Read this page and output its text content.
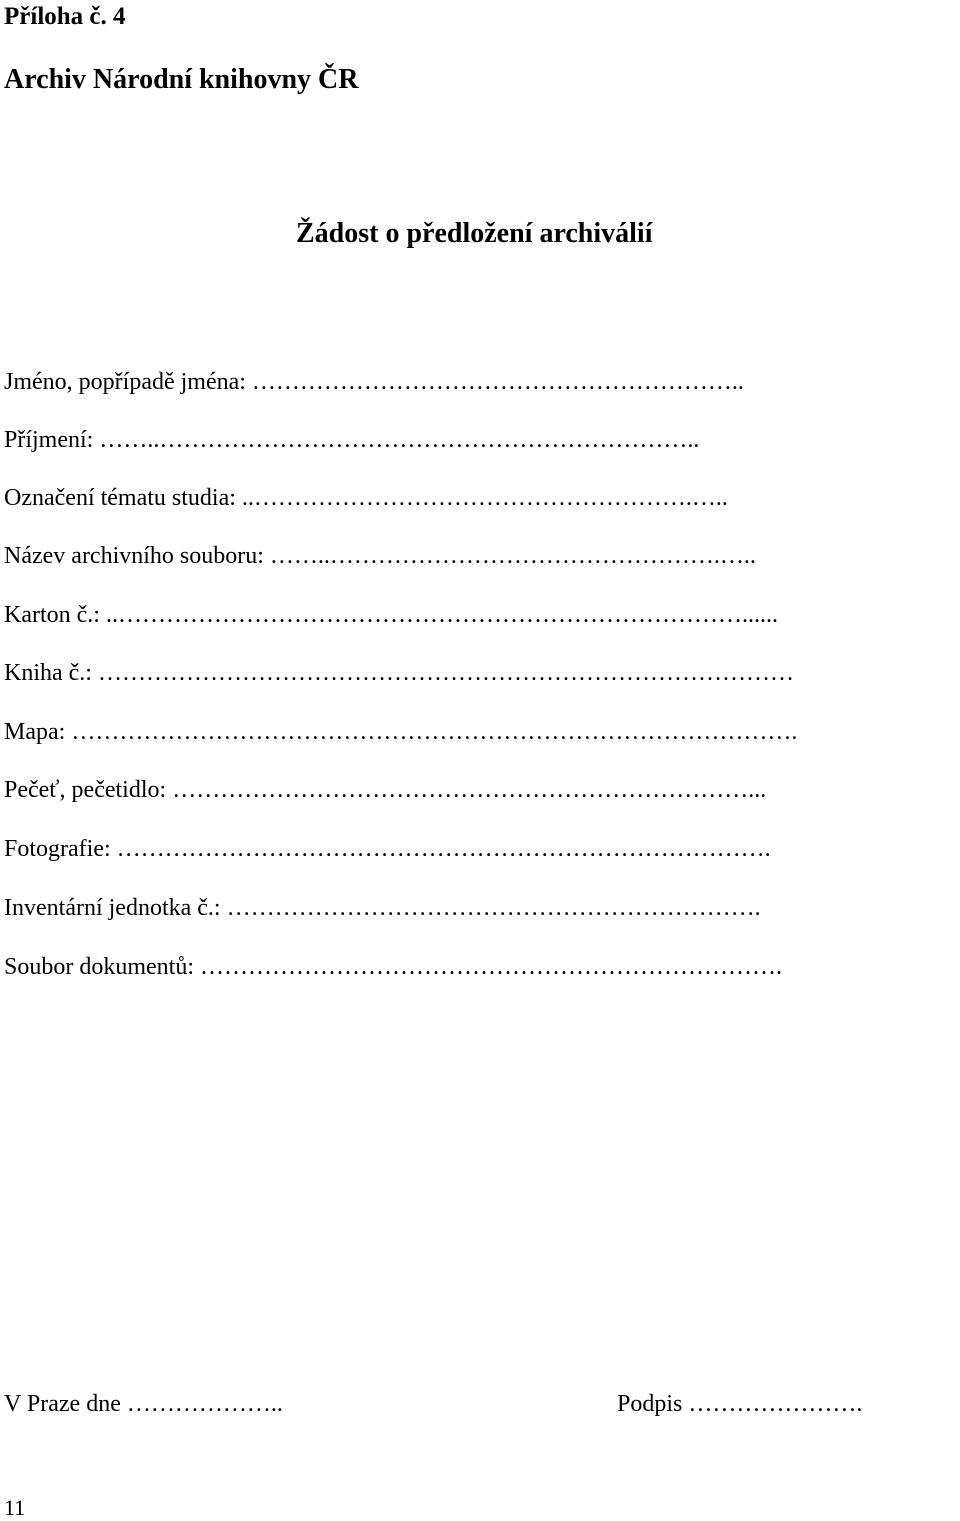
Příloha č. 4
Archiv Národní knihovny ČR
Žádost o předložení archiválií
Jméno, popřípadě jména: ……………………………………………………..
Příjmení: ……..…………………………………………………………..
Označení tématu studia: ..……………………………………………….…..
Název archivního souboru: ……..………………………………………….…..
Karton č.: ..……………………………………………………………………......
Kniha č.: ……………………………………………………………………………
Mapa: ……………………………………………………………………………….
Pečeť, pečetidlo: ………………………………………………………………...
Fotografie: ……………………………………………………………………….
Inventární jednotka č.: ………………………………………………………….
Soubor dokumentů: ……………………………………………………………….
V Praze dne ………………..	Podpis ………………….
11
